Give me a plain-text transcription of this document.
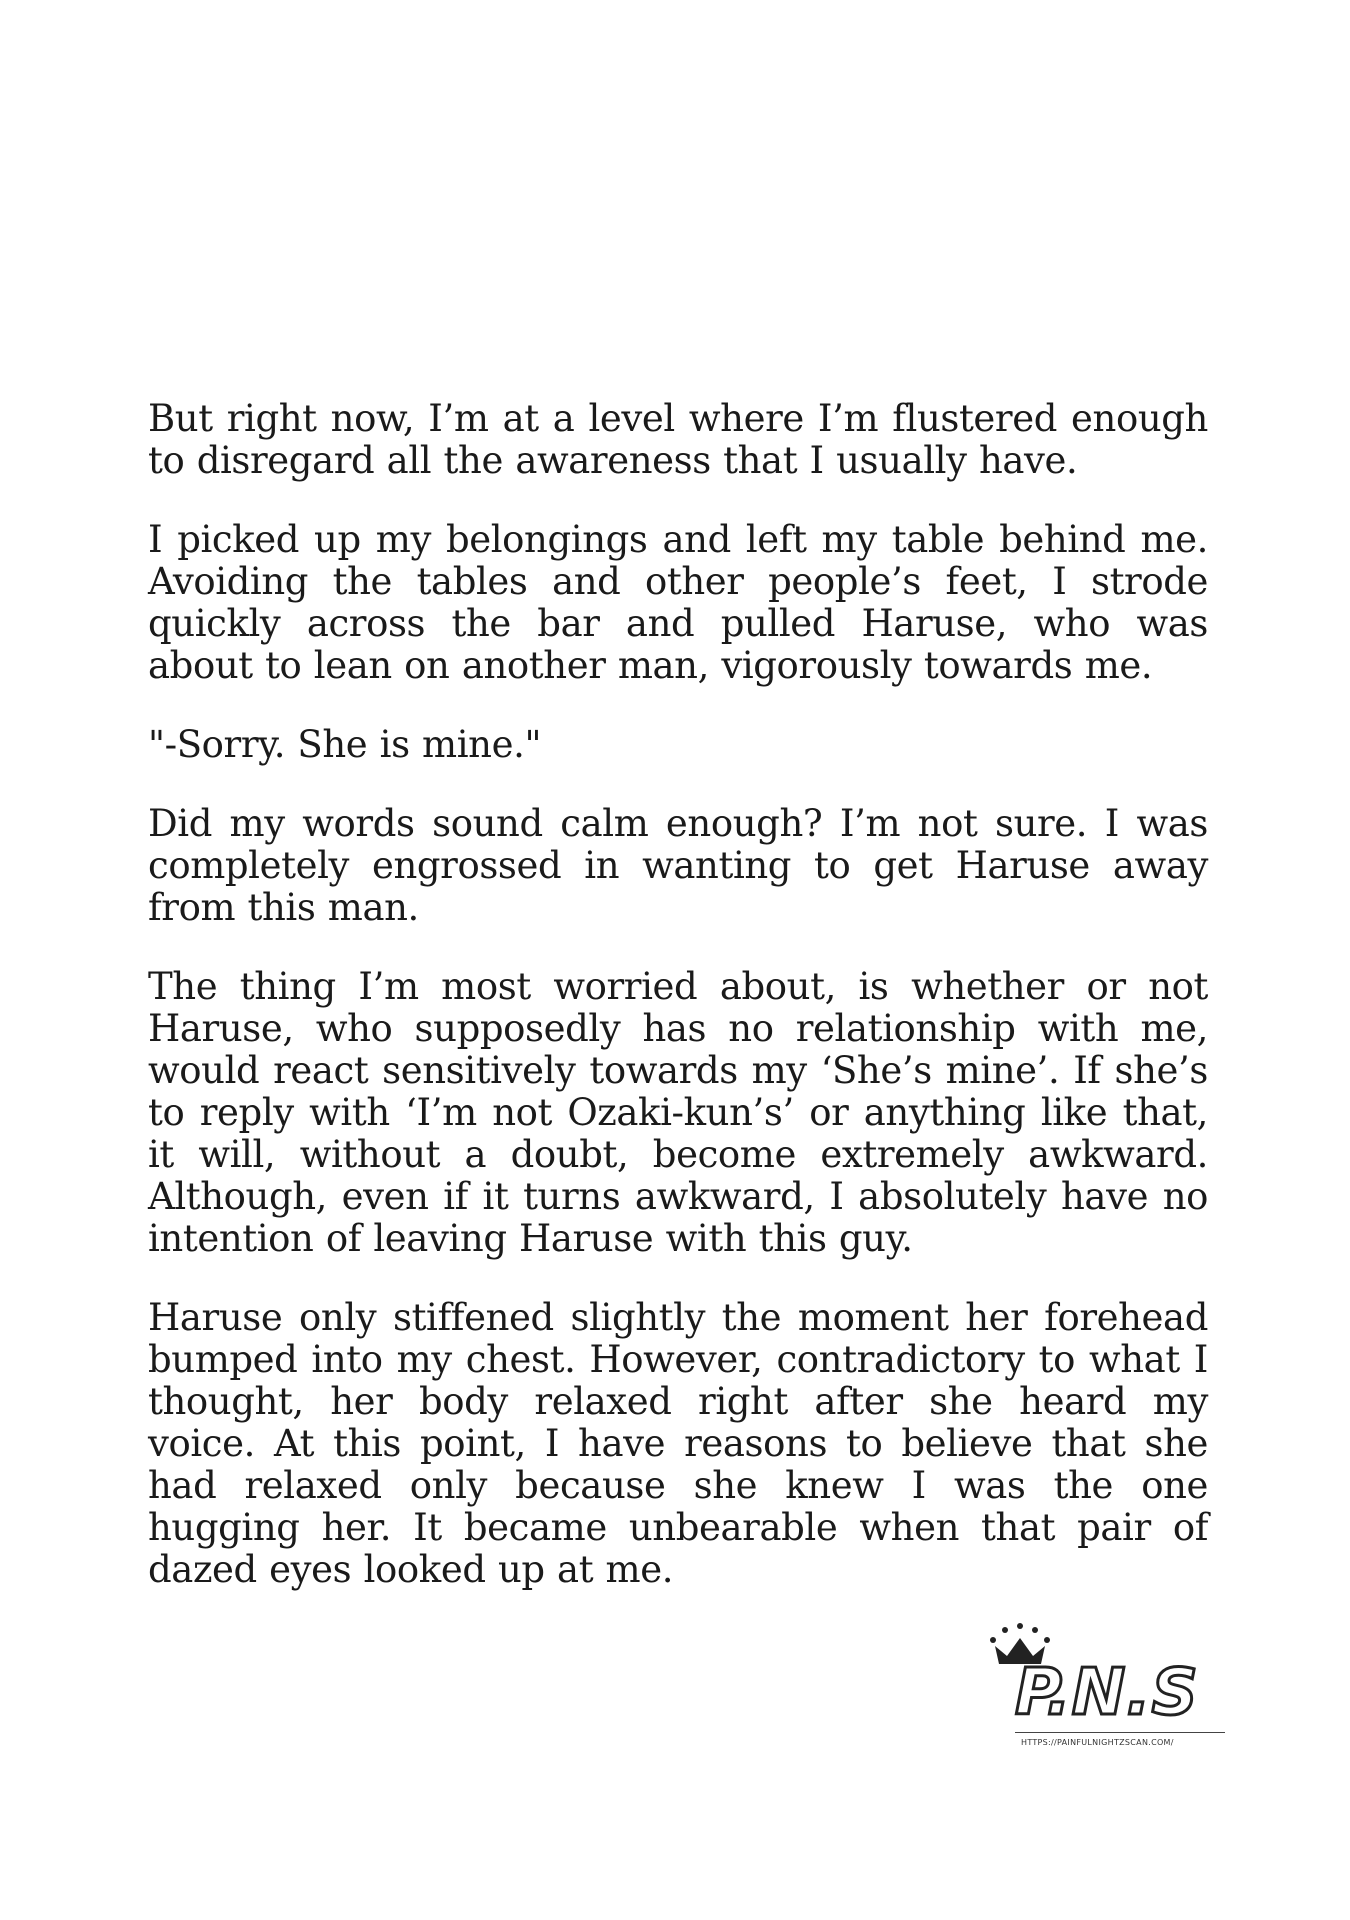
But right now, I’m at a level where I’m flustered enough to disregard all the awareness that I usually have.

I picked up my belongings and left my table behind me. Avoiding the tables and other people’s feet, I strode quickly across the bar and pulled Haruse, who was about to lean on another man, vigorously towards me.

"-Sorry. She is mine."

Did my words sound calm enough? I’m not sure. I was completely engrossed in wanting to get Haruse away from this man.

The thing I’m most worried about, is whether or not Haruse, who supposedly has no relationship with me, would react sensitively towards my ‘She’s mine’. If she’s to reply with ‘I’m not Ozaki-kun’s’ or anything like that, it will, without a doubt, become extremely awkward. Although, even if it turns awkward, I absolutely have no intention of leaving Haruse with this guy.

Haruse only stiffened slightly the moment her forehead bumped into my chest. However, contradictory to what I thought, her body relaxed right after she heard my voice. At this point, I have reasons to believe that she had relaxed only because she knew I was the one hugging her. It became unbearable when that pair of dazed eyes looked up at me.

P.N.S
HTTPS://PAINFULNIGHTZSCAN.COM/
